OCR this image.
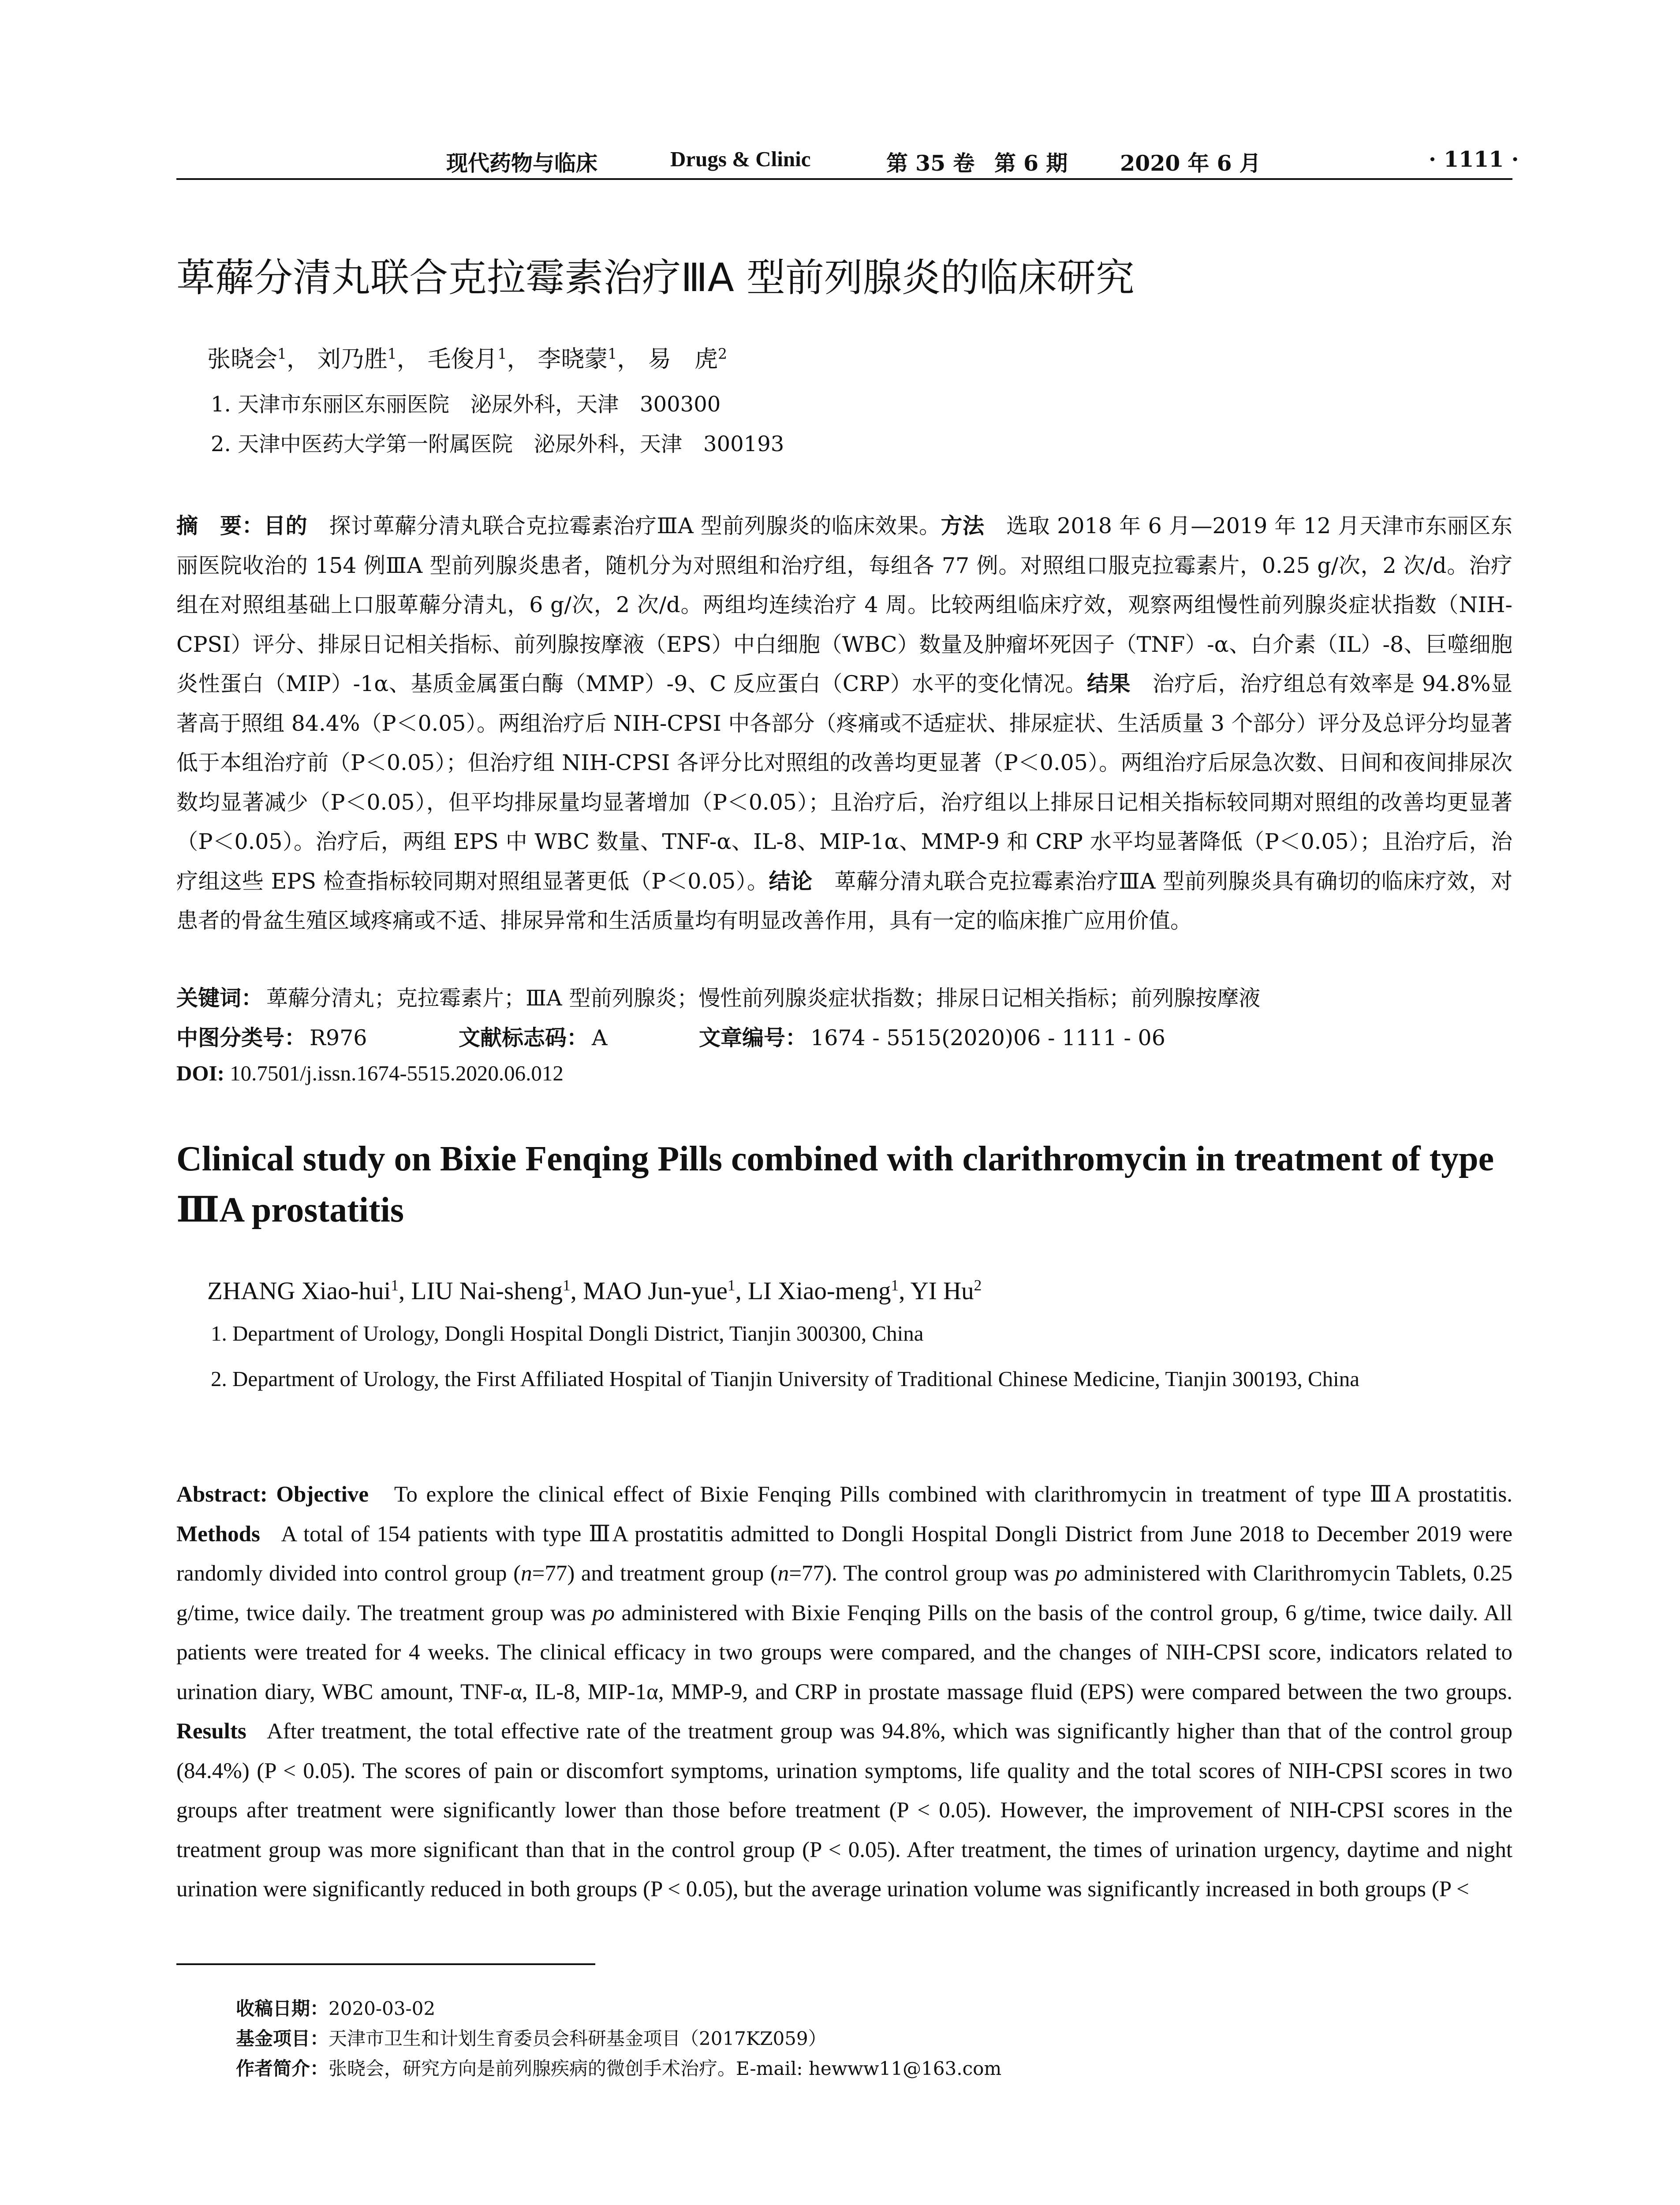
现代药物与临床	Drugs & Clinic	第 35 卷 第 6 期 2020 年 6 月	· 1111 ·
萆薢分清丸联合克拉霉素治疗ⅢA 型前列腺炎的临床研究
张晓会$^1$， 刘乃胜$^1$， 毛俊月$^1$， 李晓蒙$^1$， 易　虎$^2$
1. 天津市东丽区东丽医院　泌尿外科，天津　300300
2. 天津中医药大学第一附属医院　泌尿外科，天津　300193
摘　要：目的　 探讨萆薢分清丸联合克拉霉素治疗ⅢA 型前列腺炎的临床效果。方法　 选取 2018 年 6 月—2019 年 12 月天津市东丽区东丽医院收治的 154 例ⅢA 型前列腺炎患者，随机分为对照组和治疗组，每组各 77 例。对照组口服克拉霉素片，0.25 g/次，2 次/d。治疗组在对照组基础上口服萆薢分清丸，6 g/次，2 次/d。两组均连续治疗 4 周。比较两组临床疗效，观察两组慢性前列腺炎症状指数（NIH-CPSI）评分、排尿日记相关指标、前列腺按摩液（EPS）中白细胞（WBC）数量及肿瘤坏死因子（TNF）-α、白介素（IL）-8、巨噬细胞炎性蛋白（MIP）-1α、基质金属蛋白酶（MMP）-9、C 反应蛋白（CRP）水平的变化情况。结果　 治疗后，治疗组总有效率是 94.8%显著高于照组 84.4%（P＜0.05）。两组治疗后 NIH-CPSI 中各部分（疼痛或不适症状、排尿症状、生活质量 3 个部分）评分及总评分均显著低于本组治疗前（P＜0.05）；但治疗组 NIH-CPSI 各评分比对照组的改善均更显著（P＜0.05）。两组治疗后尿急次数、日间和夜间排尿次数均显著减少（P＜0.05），但平均排尿量均显著增加（P＜0.05）；且治疗后，治疗组以上排尿日记相关指标较同期对照组的改善均更显著（P＜0.05）。治疗后，两组 EPS 中 WBC 数量、TNF-α、IL-8、MIP-1α、MMP-9 和 CRP 水平均显著降低（P＜0.05）；且治疗后，治疗组这些 EPS 检查指标较同期对照组显著更低（P＜0.05）。结论　 萆薢分清丸联合克拉霉素治疗ⅢA 型前列腺炎具有确切的临床疗效，对患者的骨盆生殖区域疼痛或不适、排尿异常和生活质量均有明显改善作用，具有一定的临床推广应用价值。
关键词： 萆薢分清丸；克拉霉素片；ⅢA 型前列腺炎；慢性前列腺炎症状指数；排尿日记相关指标；前列腺按摩液
中图分类号： R976	文献标志码： A	文章编号： 1674 - 5515(2020)06 - 1111 - 06
DOI: 10.7501/j.issn.1674-5515.2020.06.012
Clinical study on Bixie Fenqing Pills combined with clarithromycin in treatment of type ⅢA prostatitis
ZHANG Xiao-hui$^1$, LIU Nai-sheng$^1$, MAO Jun-yue$^1$, LI Xiao-meng$^1$, YI Hu$^2$
1. Department of Urology, Dongli Hospital Dongli District, Tianjin 300300, China
2. Department of Urology, the First Affiliated Hospital of Tianjin University of Traditional Chinese Medicine, Tianjin 300193, China
Abstract: Objective To explore the clinical effect of Bixie Fenqing Pills combined with clarithromycin in treatment of type ⅢA prostatitis. Methods A total of 154 patients with type ⅢA prostatitis admitted to Dongli Hospital Dongli District from June 2018 to December 2019 were randomly divided into control group (n=77) and treatment group (n=77). The control group was po administered with Clarithromycin Tablets, 0.25 g/time, twice daily. The treatment group was po administered with Bixie Fenqing Pills on the basis of the control group, 6 g/time, twice daily. All patients were treated for 4 weeks. The clinical efficacy in two groups were compared, and the changes of NIH-CPSI score, indicators related to urination diary, WBC amount, TNF-α, IL-8, MIP-1α, MMP-9, and CRP in prostate massage fluid (EPS) were compared between the two groups. Results After treatment, the total effective rate of the treatment group was 94.8%, which was significantly higher than that of the control group (84.4%) (P < 0.05). The scores of pain or discomfort symptoms, urination symptoms, life quality and the total scores of NIH-CPSI scores in two groups after treatment were significantly lower than those before treatment (P < 0.05). However, the improvement of NIH-CPSI scores in the treatment group was more significant than that in the control group (P < 0.05). After treatment, the times of urination urgency, daytime and night urination were significantly reduced in both groups (P < 0.05), but the average urination volume was significantly increased in both groups (P <
收稿日期：2020-03-02
基金项目：天津市卫生和计划生育委员会科研基金项目（2017KZ059）
作者简介：张晓会，研究方向是前列腺疾病的微创手术治疗。E-mail: hewww11@163.com
